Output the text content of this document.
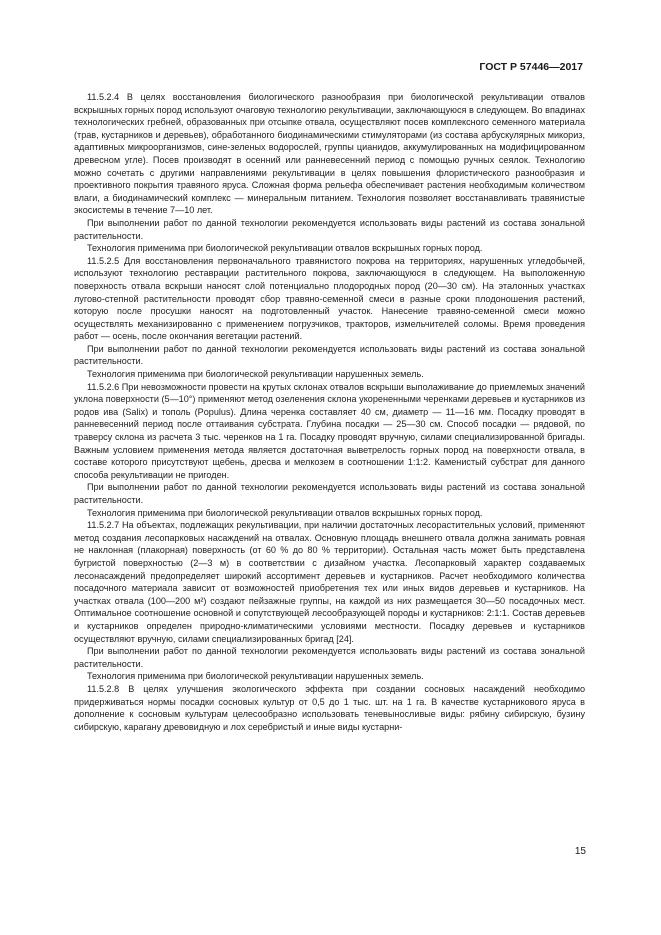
ГОСТ Р 57446—2017

11.5.2.4 В целях восстановления биологического разнообразия при биологической рекультивации отвалов вскрышных горных пород используют очаговую технологию рекультивации, заключающуюся в следующем. Во впадинах технологических гребней, образованных при отсыпке отвала, осуществляют посев комплексного семенного материала (трав, кустарников и деревьев), обработанного биодинамическими стимуляторами (из состава арбускулярных микориз, адаптивных микроорганизмов, сине-зеленых водорослей, группы цианидов, аккумулированных на модифицированном древесном угле). Посев производят в осенний или ранневесенний период с помощью ручных сеялок. Технологию можно сочетать с другими направлениями рекультивации в целях повышения флористического разнообразия и проективного покрытия травяного яруса. Сложная форма рельефа обеспечивает растения необходимым количеством влаги, а биодинамический комплекс — минеральным питанием. Технология позволяет восстанавливать травянистые экосистемы в течение 7—10 лет.

При выполнении работ по данной технологии рекомендуется использовать виды растений из состава зональной растительности.

Технология применима при биологической рекультивации отвалов вскрышных горных пород.

11.5.2.5 Для восстановления первоначального травянистого покрова на территориях, нарушенных угледобычей, используют технологию реставрации растительного покрова, заключающуюся в следующем. На выположенную поверхность отвала вскрыши наносят слой потенциально плодородных пород (20—30 см). На эталонных участках лугово-степной растительности проводят сбор травяно-семенной смеси в разные сроки плодоношения растений, которую после просушки наносят на подготовленный участок. Нанесение травяно-семенной смеси можно осуществлять механизированно с применением погрузчиков, тракторов, измельчителей соломы. Время проведения работ — осень, после окончания вегетации растений.

При выполнении работ по данной технологии рекомендуется использовать виды растений из состава зональной растительности.

Технология применима при биологической рекультивации нарушенных земель.

11.5.2.6 При невозможности провести на крутых склонах отвалов вскрыши выполаживание до приемлемых значений уклона поверхности (5—10°) применяют метод озеленения склона укорененными черенками деревьев и кустарников из родов ива (Salix) и тополь (Populus). Длина черенка составляет 40 см, диаметр — 11—16 мм. Посадку проводят в ранневесенний период после оттаивания субстрата. Глубина посадки — 25—30 см. Способ посадки — рядовой, по траверсу склона из расчета 3 тыс. черенков на 1 га. Посадку проводят вручную, силами специализированной бригады. Важным условием применения метода является достаточная выветрелость горных пород на поверхности отвала, в составе которого присутствуют щебень, дресва и мелкозем в соотношении 1:1:2. Каменистый субстрат для данного способа рекультивации не пригоден.

При выполнении работ по данной технологии рекомендуется использовать виды растений из состава зональной растительности.

Технология применима при биологической рекультивации отвалов вскрышных горных пород.

11.5.2.7 На объектах, подлежащих рекультивации, при наличии достаточных лесорастительных условий, применяют метод создания лесопарковых насаждений на отвалах. Основную площадь внешнего отвала должна занимать ровная не наклонная (плакорная) поверхность (от 60 % до 80 % территории). Остальная часть может быть представлена бугристой поверхностью (2—3 м) в соответствии с дизайном участка. Лесопарковый характер создаваемых лесонасаждений предопределяет широкий ассортимент деревьев и кустарников. Расчет необходимого количества посадочного материала зависит от возможностей приобретения тех или иных видов деревьев и кустарников. На участках отвала (100—200 м²) создают пейзажные группы, на каждой из них размещается 30—50 посадочных мест. Оптимальное соотношение основной и сопутствующей лесообразующей породы и кустарников: 2:1:1. Состав деревьев и кустарников определен природно-климатическими условиями местности. Посадку деревьев и кустарников осуществляют вручную, силами специализированных бригад [24].

При выполнении работ по данной технологии рекомендуется использовать виды растений из состава зональной растительности.

Технология применима при биологической рекультивации нарушенных земель.

11.5.2.8 В целях улучшения экологического эффекта при создании сосновых насаждений необходимо придерживаться нормы посадки сосновых культур от 0,5 до 1 тыс. шт. на 1 га. В качестве кустарникового яруса в дополнение к сосновым культурам целесообразно использовать теневыносливые виды: рябину сибирскую, бузину сибирскую, карагану древовидную и лох серебристый и иные виды кустарни-

15
